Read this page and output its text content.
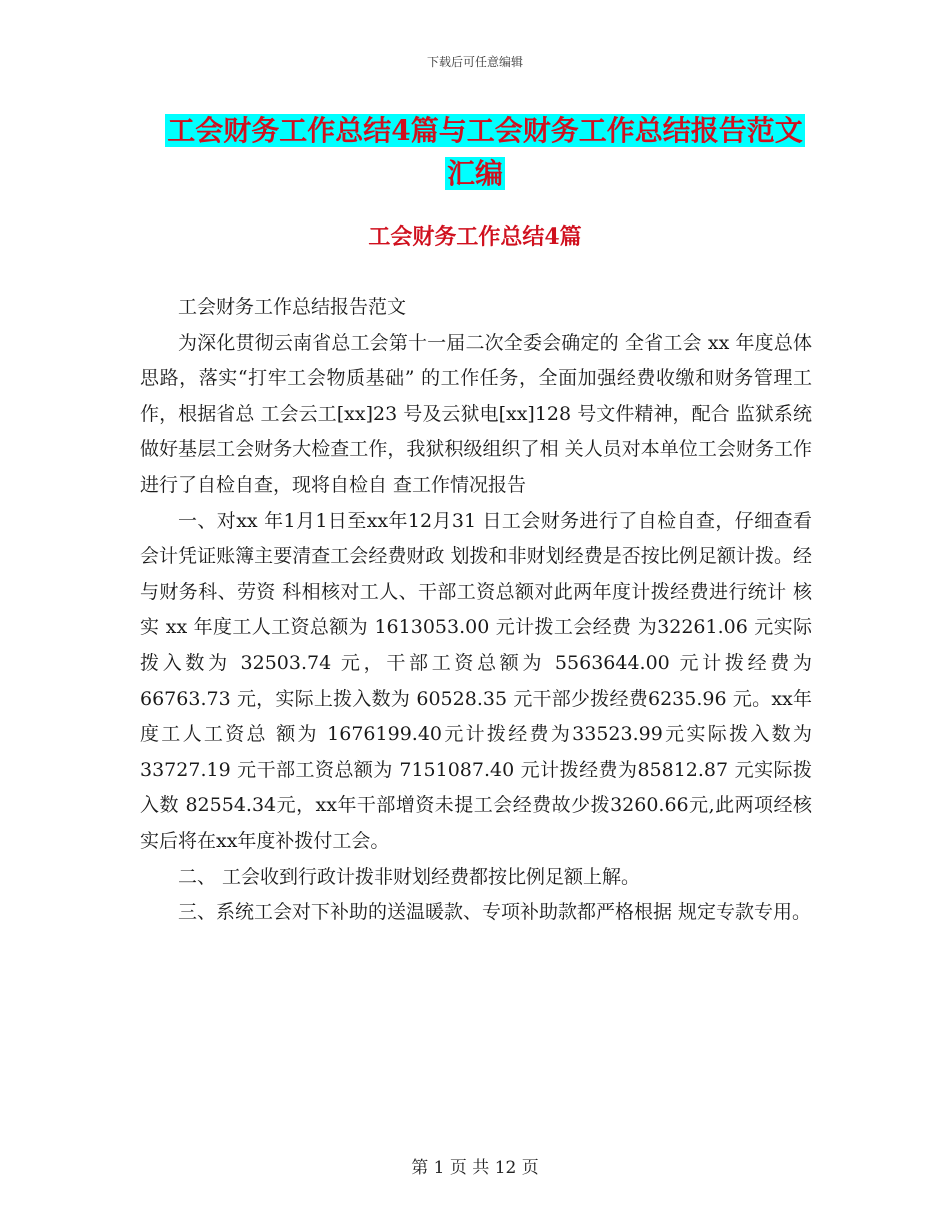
下载后可任意编辑
工会财务工作总结4篇与工会财务工作总结报告范文
汇编
工会财务工作总结4篇

工会财务工作总结报告范文

为深化贯彻云南省总工会第十一届二次全委会确定的 全省工会 xx 年度总体思路，落实“打牢工会物质基础” 的工作任务，全面加强经费收缴和财务管理工作，根据省总 工会云工[xx]23 号及云狱电[xx]128 号文件精神，配合 监狱系统做好基层工会财务大检查工作，我狱积级组织了相 关人员对本单位工会财务工作进行了自检自查，现将自检自 查工作情况报告

一、对xx 年1月1日至xx年12月31 日工会财务进行了自检自查，仔细查看会计凭证账簿主要清查工会经费财政 划拨和非财划经费是否按比例足额计拨。经与财务科、劳资 科相核对工人、干部工资总额对此两年度计拨经费进行统计 核实 xx 年度工人工资总额为 1613053.00 元计拨工会经费 为32261.06 元实际拨入数为 32503.74 元，干部工资总额为 5563644.00 元计拨经费为 66763.73 元，实际上拨入数为 60528.35 元干部少拨经费6235.96 元。xx年度工人工资总 额为 1676199.40元计拨经费为33523.99元实际拨入数为 33727.19 元干部工资总额为 7151087.40 元计拨经费为85812.87 元实际拨入数 82554.34元，xx年干部增资未提工会经费故少拨3260.66元,此两项经核实后将在xx年度补拨付工会。

二、 工会收到行政计拨非财划经费都按比例足额上解。

三、系统工会对下补助的送温暖款、专项补助款都严格根据 规定专款专用。

第 1 页 共 12 页
